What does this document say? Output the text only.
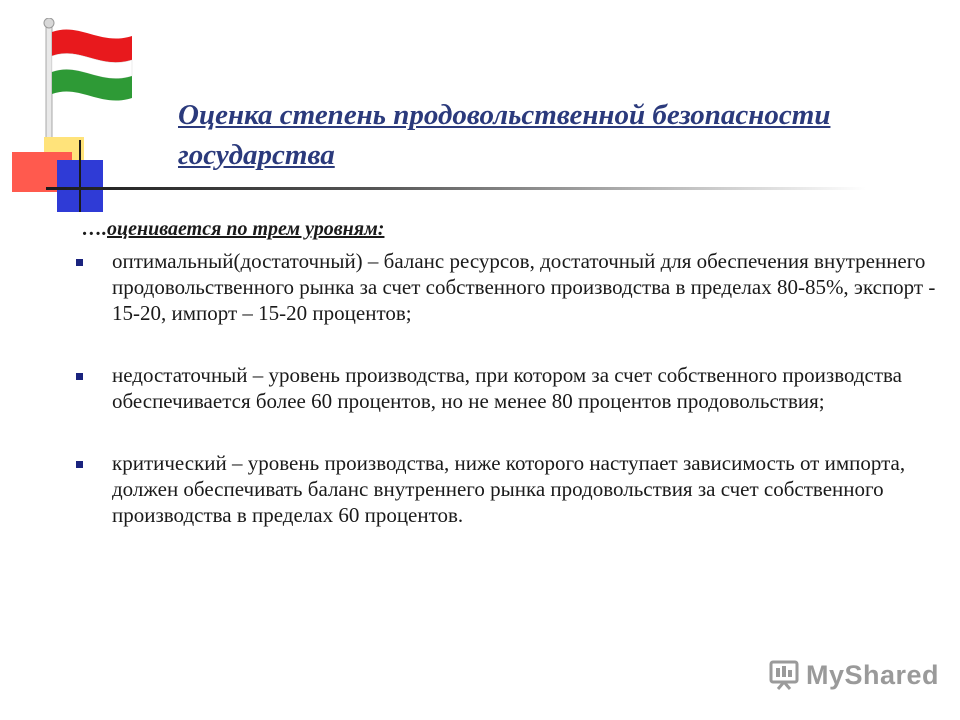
Оценка степень продовольственной безопасности государства
….оценивается по трем уровням:
оптимальный(достаточный) – баланс ресурсов, достаточный для обеспечения внутреннего продовольственного рынка за счет собственного производства в пределах 80-85%, экспорт - 15-20, импорт – 15-20 процентов;
недостаточный – уровень производства, при котором за счет собственного производства обеспечивается более 60 процентов, но не менее 80 процентов продовольствия;
критический – уровень производства, ниже которого наступает зависимость от импорта, должен обеспечивать баланс внутреннего рынка продовольствия за счет собственного производства в пределах 60 процентов.
MyShared
